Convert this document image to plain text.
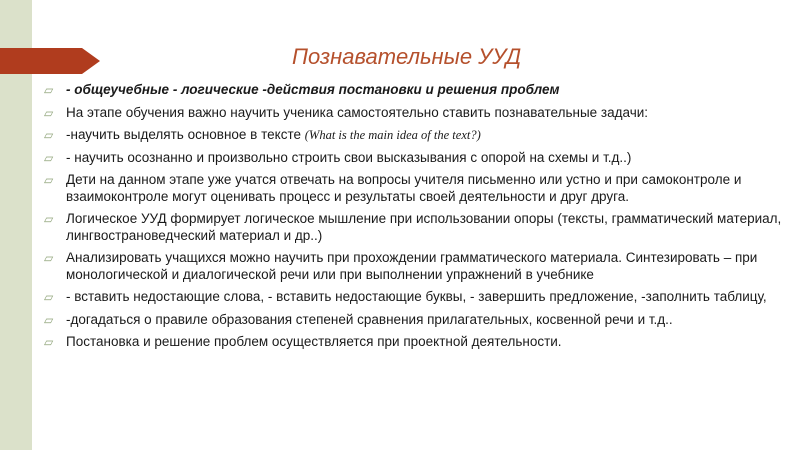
Познавательные УУД
▱ - общеучебные - логические -действия постановки и решения проблем
▱ На этапе обучения важно научить ученика самостоятельно ставить познавательные задачи:
▱ -научить выделять основное в тексте (What is the main idea of the text?)
▱ - научить осознанно и произвольно строить свои высказывания с опорой на схемы и т.д..)
▱ Дети на данном этапе уже учатся отвечать на вопросы учителя письменно или устно и при самоконтроле и взаимоконтроле могут оценивать процесс и результаты своей деятельности и друг друга.
▱ Логическое УУД формирует логическое мышление при использовании опоры (тексты, грамматический материал, лингвострановедческий материал и др..)
▱ Анализировать учащихся можно научить при прохождении грамматического материала. Синтезировать – при монологической и диалогической речи или при выполнении упражнений в учебнике
▱ - вставить недостающие слова, - вставить недостающие буквы, - завершить предложение, -заполнить таблицу,
▱ -догадаться о правиле образования степеней сравнения прилагательных, косвенной речи и т.д..
▱ Постановка и решение проблем осуществляется при проектной деятельности.
